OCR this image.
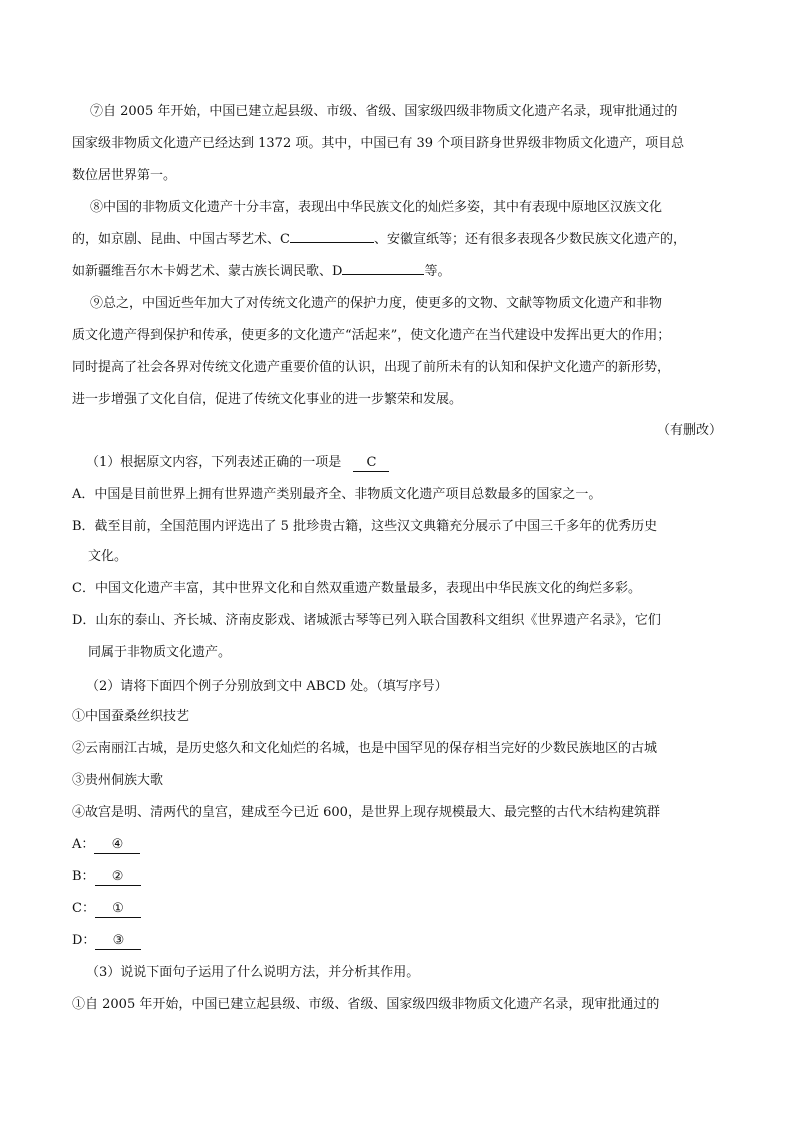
⑦自 2005 年开始，中国已建立起县级、市级、省级、国家级四级非物质文化遗产名录，现审批通过的
国家级非物质文化遗产已经达到 1372 项。其中，中国已有 39 个项目跻身世界级非物质文化遗产，项目总
数位居世界第一。
⑧中国的非物质文化遗产十分丰富，表现出中华民族文化的灿烂多姿，其中有表现中原地区汉族文化
的，如京剧、昆曲、中国古琴艺术、C	、安徽宣纸等；还有很多表现各少数民族文化遗产的，
如新疆维吾尔木卡姆艺术、蒙古族长调民歌、D	等。
⑨总之，中国近些年加大了对传统文化遗产的保护力度，使更多的文物、文献等物质文化遗产和非物
质文化遗产得到保护和传承，使更多的文化遗产“活起来”，使文化遗产在当代建设中发挥出更大的作用；
同时提高了社会各界对传统文化遗产重要价值的认识，出现了前所未有的认知和保护文化遗产的新形势，
进一步增强了文化自信，促进了传统文化事业的进一步繁荣和发展。
（有删改）
（1）根据原文内容，下列表述正确的一项是 C
A．中国是目前世界上拥有世界遗产类别最齐全、非物质文化遗产项目总数最多的国家之一。
B．截至目前，全国范围内评选出了 5 批珍贵古籍，这些汉文典籍充分展示了中国三千多年的优秀历史
文化。
C．中国文化遗产丰富，其中世界文化和自然双重遗产数量最多，表现出中华民族文化的绚烂多彩。
D．山东的泰山、齐长城、济南皮影戏、诸城派古琴等已列入联合国教科文组织《世界遗产名录》，它们
同属于非物质文化遗产。
（2）请将下面四个例子分别放到文中 ABCD 处。（填写序号）
①中国蚕桑丝织技艺
②云南丽江古城，是历史悠久和文化灿烂的名城，也是中国罕见的保存相当完好的少数民族地区的古城
③贵州侗族大歌
④故宫是明、清两代的皇宫，建成至今已近 600，是世界上现存规模最大、最完整的古代木结构建筑群
A： ④
B： ②
C： ①
D： ③
（3）说说下面句子运用了什么说明方法，并分析其作用。
①自 2005 年开始，中国已建立起县级、市级、省级、国家级四级非物质文化遗产名录，现审批通过的
